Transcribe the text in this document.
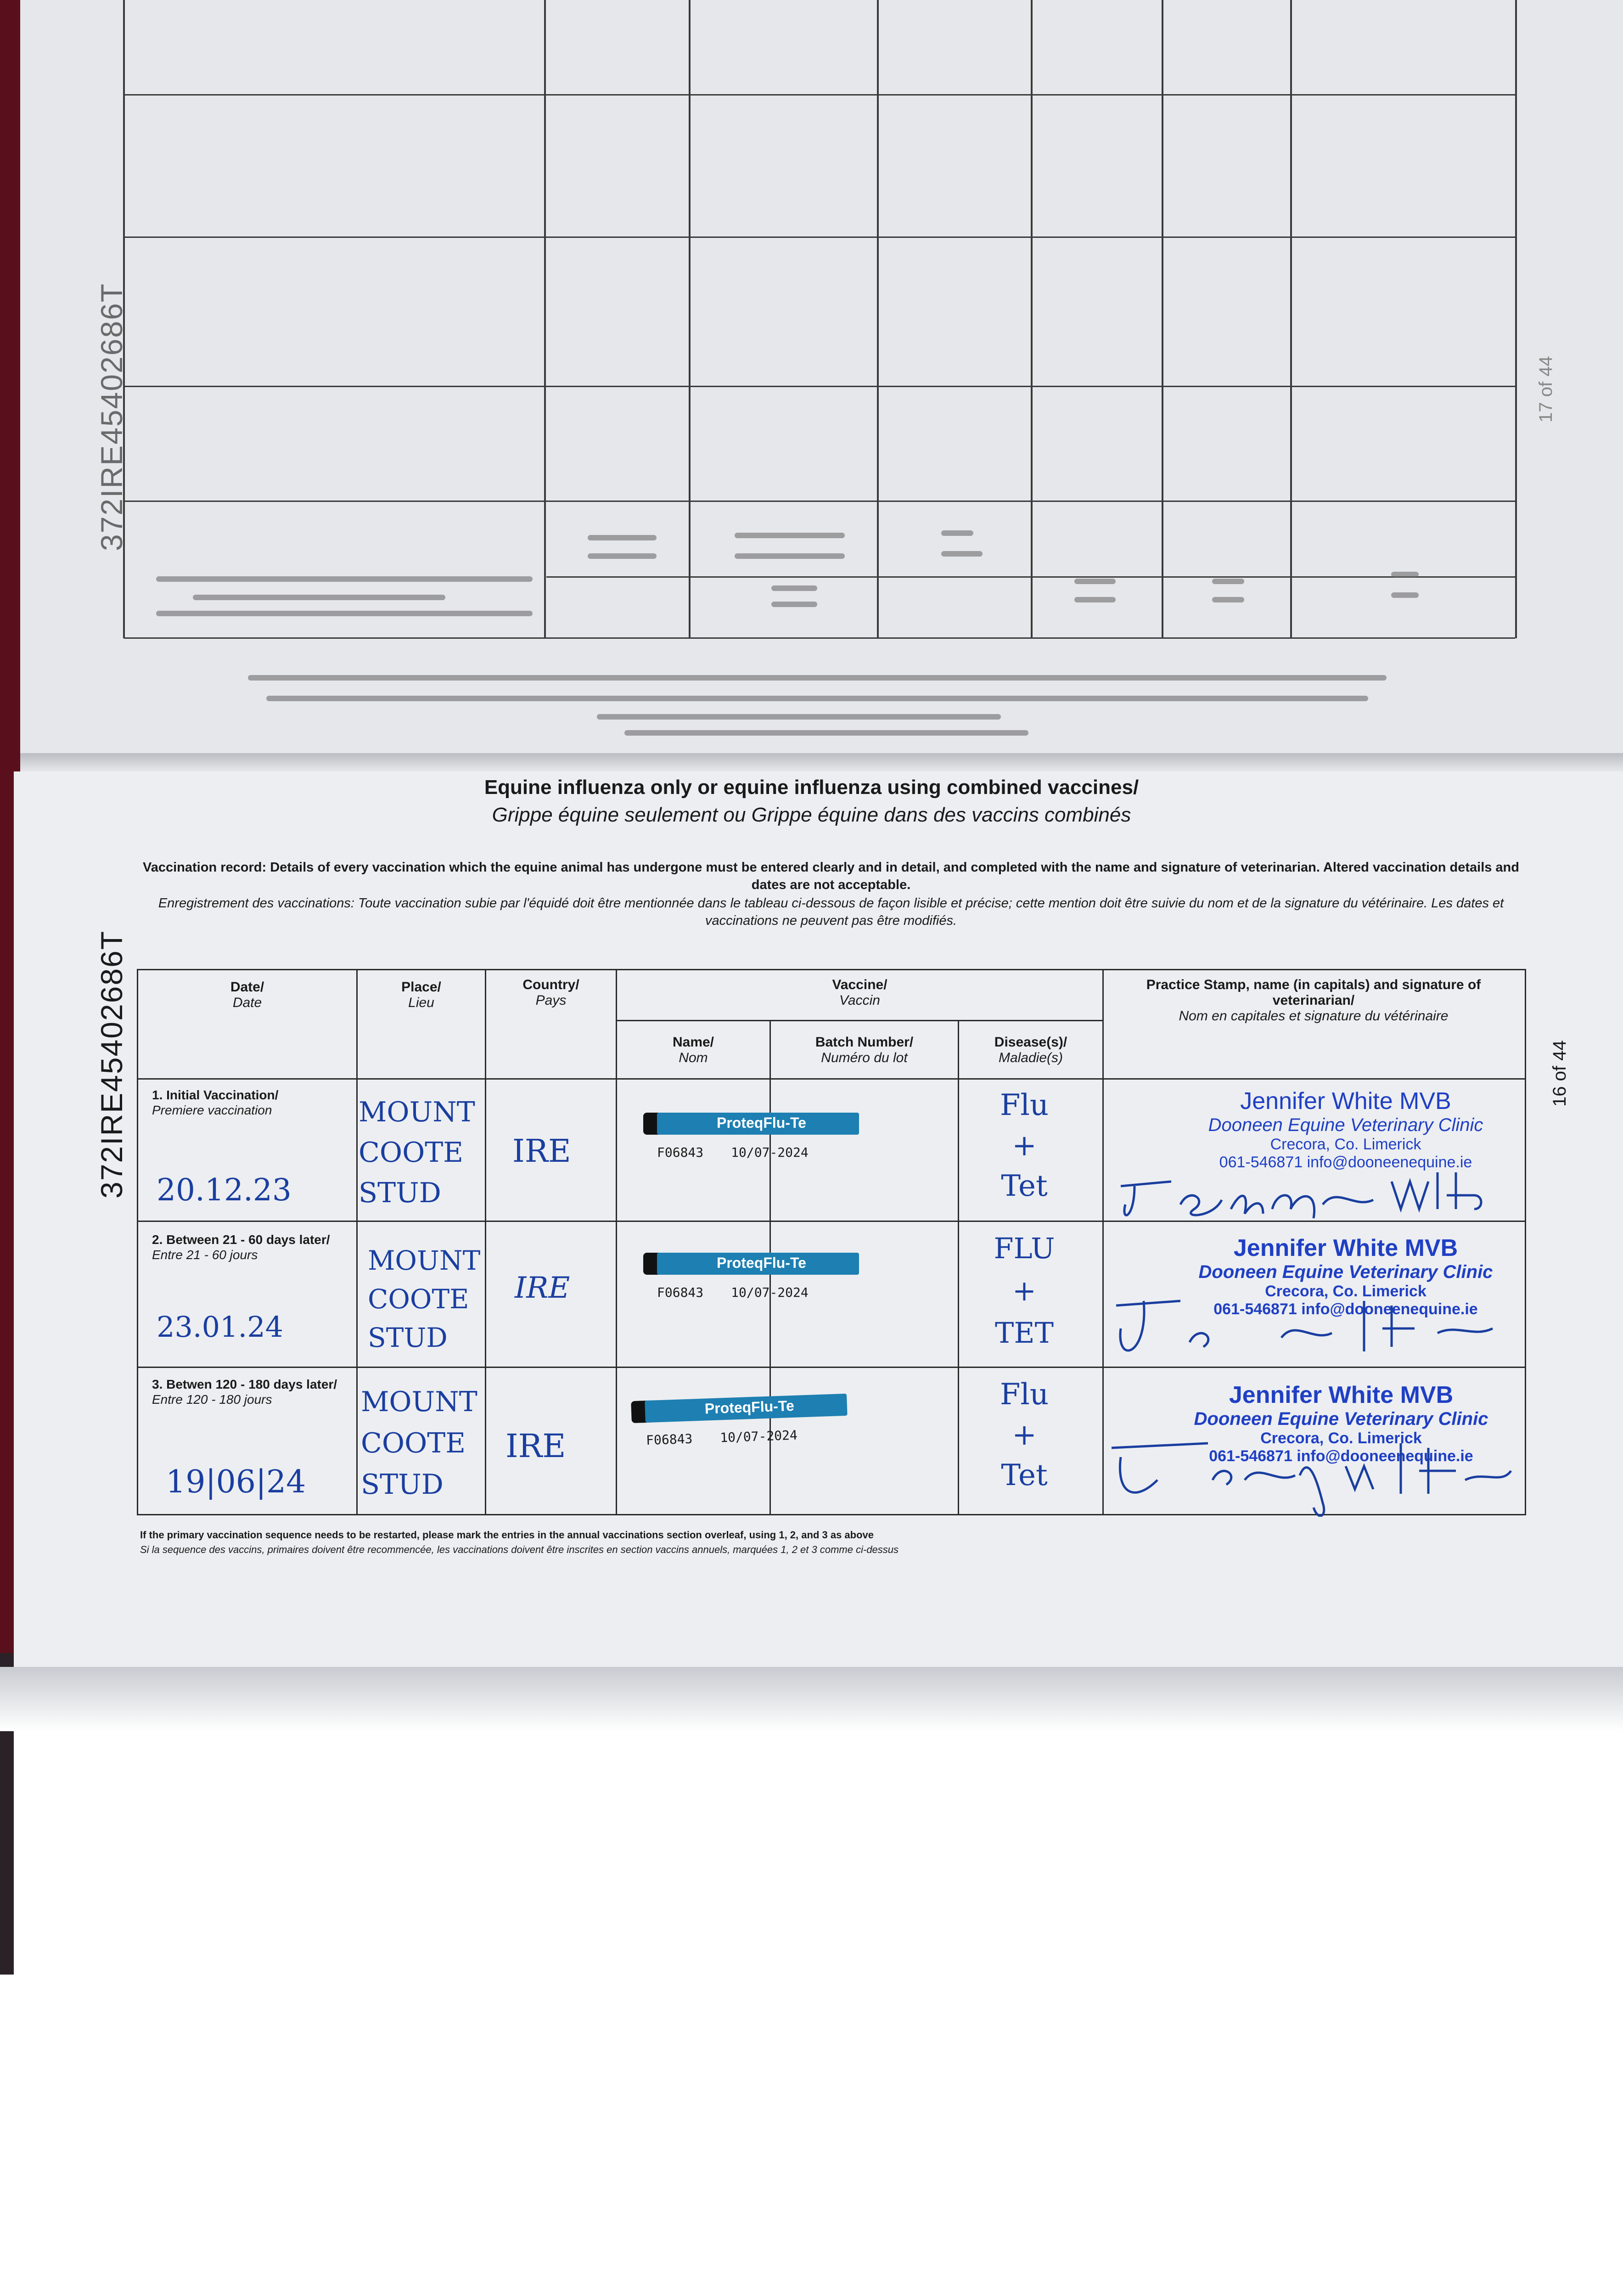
17 of 44
372IRE45402686T
372IRE45402686T	16 of 44
Equine influenza only or equine influenza using combined vaccines/
Grippe équine seulement ou Grippe équine dans des vaccins combinés
Vaccination record: Details of every vaccination which the equine animal has undergone must be entered clearly and in detail, and completed with the name and signature of veterinarian. Altered vaccination details and dates are not acceptable.
Enregistrement des vaccinations: Toute vaccination subie par l'équidé doit être mentionnée dans le tableau ci-dessous de façon lisible et précise; cette mention doit être suivie du nom et de la signature du vétérinaire. Les dates et vaccinations ne peuvent pas être modifiés.
Date/
Date
Place/
Lieu
Country/
Pays
Vaccine/
Vaccin
Name/
Nom
Batch Number/
Numéro du lot
Disease(s)/
Maladie(s)
Practice Stamp, name (in capitals) and signature of veterinarian/
Nom en capitales et signature du vétérinaire
1. Initial Vaccination/
Premiere vaccination
20.12.23
MOUNT
COOTE
STUD
IRE
ProteqFlu-Te
F06843 10/07-2024
Flu
+
Tet
Jennifer White MVB
Dooneen Equine Veterinary Clinic
Crecora, Co. Limerick
061-546871 info@dooneenequine.ie
2. Between 21 - 60 days later/
Entre 21 - 60 jours
23.01.24
MOUNT
COOTE
STUD
IRE
ProteqFlu-Te
F06843 10/07-2024
FLU
+
TET
Jennifer White MVB
Dooneen Equine Veterinary Clinic
Crecora, Co. Limerick
061-546871 info@dooneenequine.ie
3. Betwen 120 - 180 days later/
Entre 120 - 180 jours
19|06|24
MOUNT
COOTE
STUD
IRE
ProteqFlu-Te
F06843 10/07-2024
Flu
+
Tet
Jennifer White MVB
Dooneen Equine Veterinary Clinic
Crecora, Co. Limerick
061-546871 info@dooneenequine.ie
If the primary vaccination sequence needs to be restarted, please mark the entries in the annual vaccinations section overleaf, using 1, 2, and 3 as above
Si la sequence des vaccins, primaires doivent être recommencée, les vaccinations doivent être inscrites en section vaccins annuels, marquées 1, 2 et 3 comme ci-dessus
